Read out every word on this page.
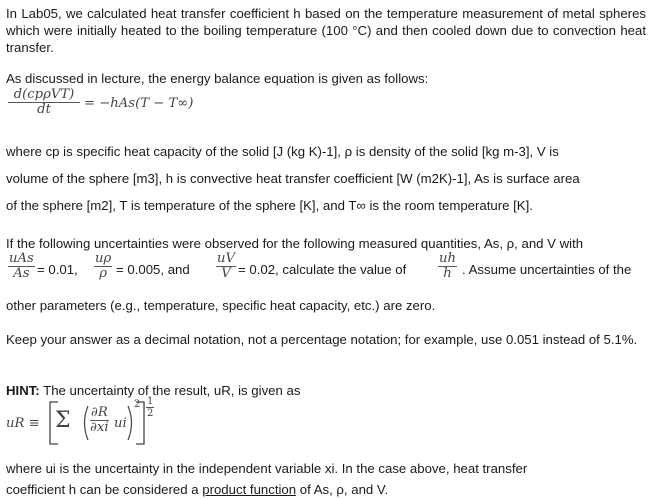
In Lab05, we calculated heat transfer coefficient h based on the temperature measurement of metal spheres which were initially heated to the boiling temperature (100 °C) and then cooled down due to convection heat transfer.

As discussed in lecture, the energy balance equation is given as follows:

d(cpρVT)
dt	= −hAs(T − T∞)

where cp is specific heat capacity of the solid [J (kg K)-1], ρ is density of the solid [kg m-3], V is

volume of the sphere [m3], h is convective heat transfer coefficient [W (m2K)-1], As is surface area

of the sphere [m2], T is temperature of the sphere [K], and T∞ is the room temperature [K].

If the following uncertainties were observed for the following measured quantities, As, ρ, and V with

uAs
As = 0.01, $\frac{u\rho}{\rho} = 0.005$, and $\frac{uV}{V} = 0.02$, calculate the value of $\frac{uh}{h}$ . Assume uncertainties of the

other parameters (e.g., temperature, specific heat capacity, etc.) are zero.

Keep your answer as a decimal notation, not a percentage notation; for example, use 0.051 instead of 5.1%.

HINT: The uncertainty of the result, uR, is given as

uR ≡ Σ $\frac{\partial R}{\partial xi}$ ui
$2 \frac{1}{2}$

where ui is the uncertainty in the independent variable xi. In the case above, heat transfer

coefficient h can be considered a product function of As, ρ, and V.
